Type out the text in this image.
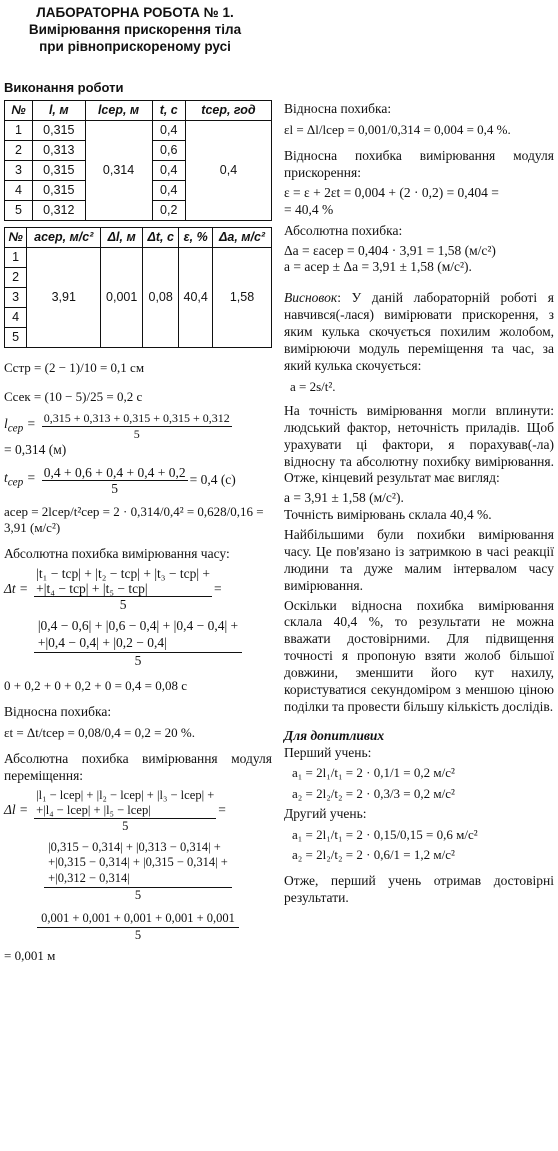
ЛАБОРАТОРНА РОБОТА № 1.
Вимірювання прискорення тіла
при рівноприскореному русі
Виконання роботи
№	l, м	lсер, м	t, с	tсер, год
1	0,315	0,314	0,4	0,4
2	0,313		0,6	
3	0,315		0,4	
4	0,315		0,4	
5	0,312		0,2	
№	aсер, м/с²	Δl, м	Δt, с	ε, %	Δa, м/с²
1	3,91	0,001	0,08	40,4	1,58
2					
3					
4					
5					
Cстр = (2 − 1)/10 = 0,1 см
Cсек = (10 − 5)/25 = 0,2 с
$l_{сер} = \frac{0,315 + 0,313 + 0,315 + 0,315 + 0,312}{5}$
= 0,314 (м)
$t_{сер} = \frac{0,4 + 0,6 + 0,4 + 0,4 + 0,2}{5} = 0,4$ (с)
aсер = 2lсер/t²сер = 2 · 0,314/0,4² = 0,628/0,16 = 3,91 (м/с²)
Абсолютна похибка вимірювання часу:
Δt =
|t₁ − tср| + |t₂ − tср| + |t₃ − tср| +
+|t₄ − tср| + |t₅ − tср|
5
=
|0,4 − 0,6| + |0,6 − 0,4| + |0,4 − 0,4| +
+|0,4 − 0,4| + |0,2 − 0,4|
5
0 + 0,2 + 0 + 0,2 + 0 = 0,4 = 0,08 с
Відносна похибка:
εt = Δt/tсер = 0,08/0,4 = 0,2 = 20 %.
Абсолютна похибка вимірювання модуля переміщення:
Δl =
|l₁ − lсер| + |l₂ − lсер| + |l₃ − lсер| +
+|l₄ − lсер| + |l₅ − lсер|
5
=
|0,315 − 0,314| + |0,313 − 0,314| +
+|0,315 − 0,314| + |0,315 − 0,314| +
+|0,312 − 0,314|
5
0,001 + 0,001 + 0,001 + 0,001 + 0,001
5
= 0,001 м
Відносна похибка:
εl = Δl/lсер = 0,001/0,314 = 0,004 = 0,4 %.
Відносна похибка вимірювання модуля прискорення:
ε = ε + 2εt = 0,004 + (2 · 0,2) = 0,404 =
= 40,4 %
Абсолютна похибка:
Δa = εaсер = 0,404 · 3,91 = 1,58 (м/с²)
a = aсер ± Δa = 3,91 ± 1,58 (м/с²).
Висновок: У даній лабораторній роботі я навчився(-лася) вимірювати прискорення, з яким кулька скочується похилим жолобом, вимірюючи модуль переміщення та час, за який кулька скочується:
a = 2s/t².
На точність вимірювання могли вплинути: людський фактор, неточність приладів. Щоб урахувати ці фактори, я порахував(-ла) відносну та абсолютну похибку вимірювання. Отже, кінцевий результат має вигляд:
a = 3,91 ± 1,58 (м/с²).
Точність вимірювань склала 40,4 %.
Найбільшими були похибки вимірювання часу. Це пов'язано із затримкою в часі реакції людини та дуже малим інтервалом часу вимірювання.
Оскільки відносна похибка вимірювання склала 40,4 %, то результати не можна вважати достовірними. Для підвищення точності я пропоную взяти жолоб більшої довжини, зменшити його кут нахилу, користуватися секундоміром з меншою ціною поділки та провести більшу кількість дослідів.
Для допитливих
Перший учень:
a₁ = 2l₁/t₁ = 2 · 0,1/1 = 0,2 м/с²
a₂ = 2l₂/t₂ = 2 · 0,3/3 = 0,2 м/с²
Другий учень:
a₁ = 2l₁/t₁ = 2 · 0,15/0,15 = 0,6 м/с²
a₂ = 2l₂/t₂ = 2 · 0,6/1 = 1,2 м/с²
Отже, перший учень отримав достовірні результати.
